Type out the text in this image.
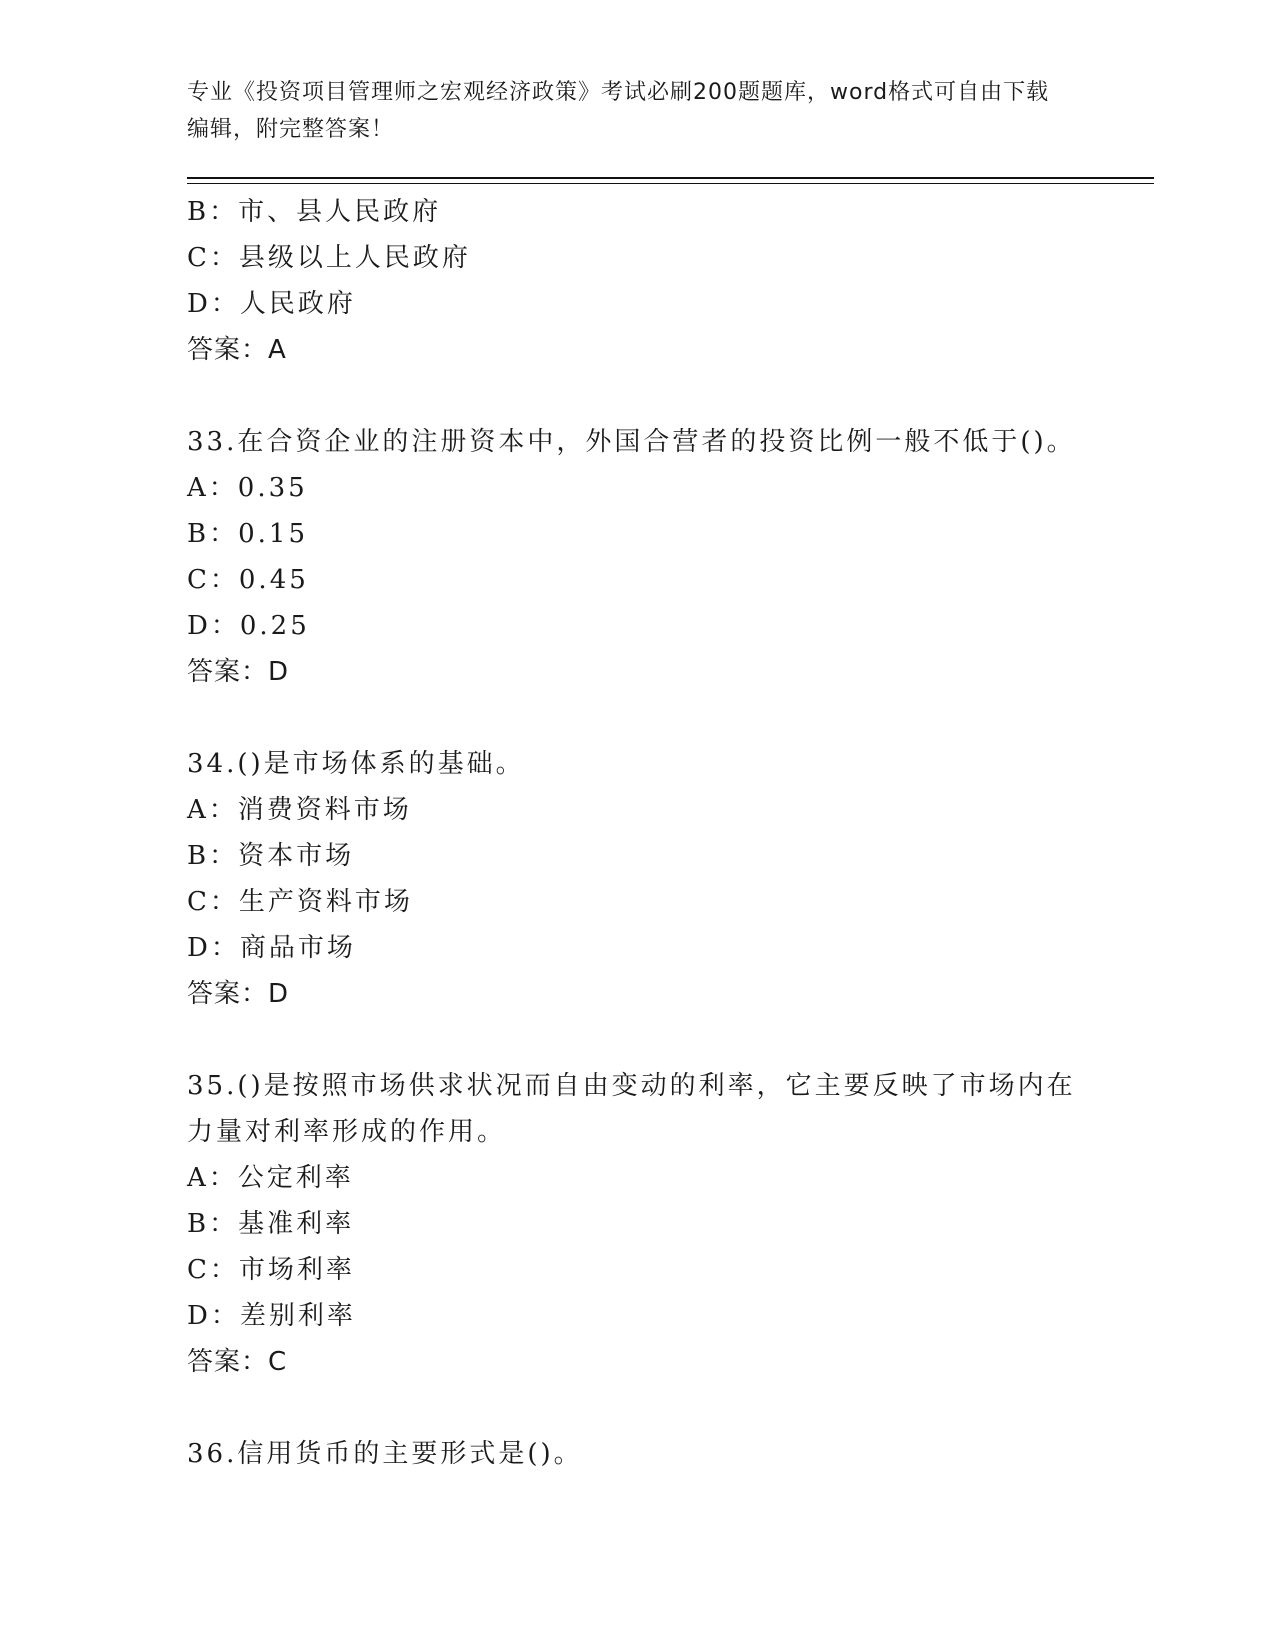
专业《投资项目管理师之宏观经济政策》考试必刷200题题库，word格式可自由下载编辑，附完整答案！
B：市、县人民政府
C：县级以上人民政府
D：人民政府
答案：A
33.在合资企业的注册资本中，外国合营者的投资比例一般不低于()。
A：0.35
B：0.15
C：0.45
D：0.25
答案：D
34.()是市场体系的基础。
A：消费资料市场
B：资本市场
C：生产资料市场
D：商品市场
答案：D
35.()是按照市场供求状况而自由变动的利率，它主要反映了市场内在力量对利率形成的作用。
A：公定利率
B：基准利率
C：市场利率
D：差别利率
答案：C
36.信用货币的主要形式是()。
